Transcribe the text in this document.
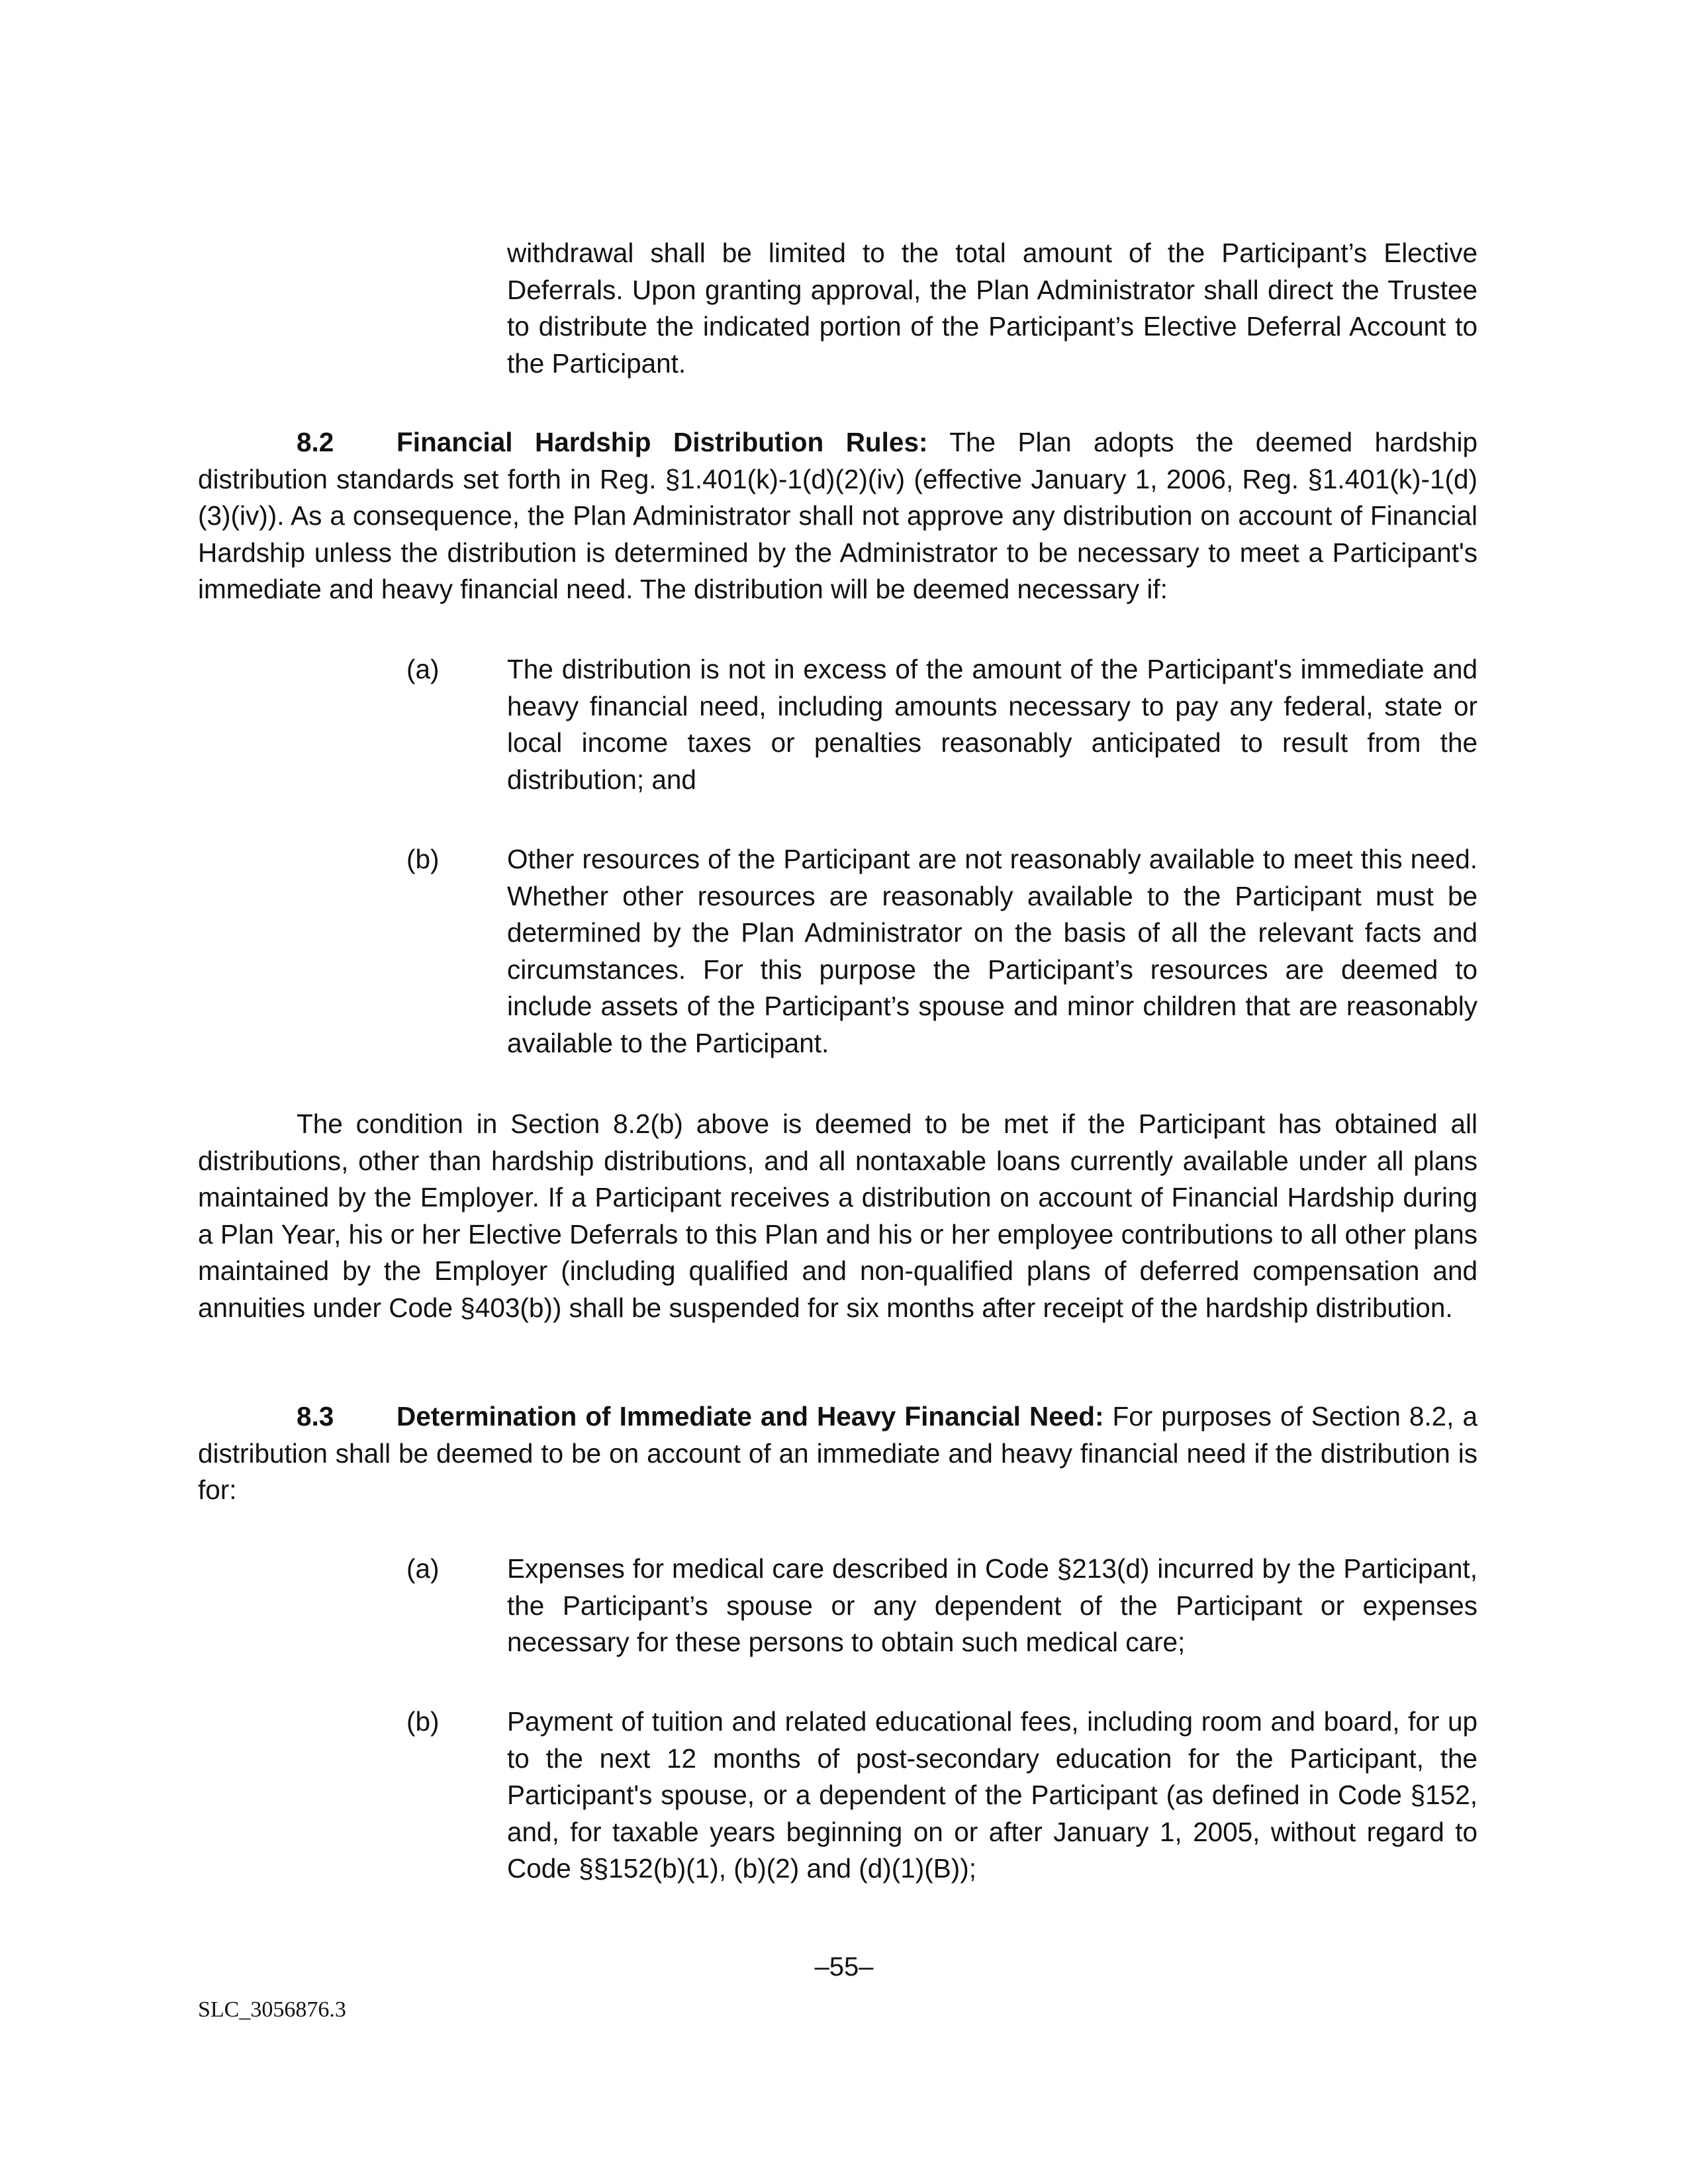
withdrawal shall be limited to the total amount of the Participant’s Elective Deferrals. Upon granting approval, the Plan Administrator shall direct the Trustee to distribute the indicated portion of the Participant’s Elective Deferral Account to the Participant.

8.2 Financial Hardship Distribution Rules: The Plan adopts the deemed hardship distribution standards set forth in Reg. §1.401(k)-1(d)(2)(iv) (effective January 1, 2006, Reg. §1.401(k)-1(d)(3)(iv)). As a consequence, the Plan Administrator shall not approve any distribution on account of Financial Hardship unless the distribution is determined by the Administrator to be necessary to meet a Participant's immediate and heavy financial need. The distribution will be deemed necessary if:

(a)	The distribution is not in excess of the amount of the Participant's immediate and heavy financial need, including amounts necessary to pay any federal, state or local income taxes or penalties reasonably anticipated to result from the distribution; and

(b)	Other resources of the Participant are not reasonably available to meet this need. Whether other resources are reasonably available to the Participant must be determined by the Plan Administrator on the basis of all the relevant facts and circumstances. For this purpose the Participant’s resources are deemed to include assets of the Participant’s spouse and minor children that are reasonably available to the Participant.

The condition in Section 8.2(b) above is deemed to be met if the Participant has obtained all distributions, other than hardship distributions, and all nontaxable loans currently available under all plans maintained by the Employer. If a Participant receives a distribution on account of Financial Hardship during a Plan Year, his or her Elective Deferrals to this Plan and his or her employee contributions to all other plans maintained by the Employer (including qualified and non-qualified plans of deferred compensation and annuities under Code §403(b)) shall be suspended for six months after receipt of the hardship distribution.

8.3 Determination of Immediate and Heavy Financial Need: For purposes of Section 8.2, a distribution shall be deemed to be on account of an immediate and heavy financial need if the distribution is for:

(a)	Expenses for medical care described in Code §213(d) incurred by the Participant, the Participant’s spouse or any dependent of the Participant or expenses necessary for these persons to obtain such medical care;

(b)	Payment of tuition and related educational fees, including room and board, for up to the next 12 months of post-secondary education for the Participant, the Participant's spouse, or a dependent of the Participant (as defined in Code §152, and, for taxable years beginning on or after January 1, 2005, without regard to Code §§152(b)(1), (b)(2) and (d)(1)(B));

–55–
SLC_3056876.3
